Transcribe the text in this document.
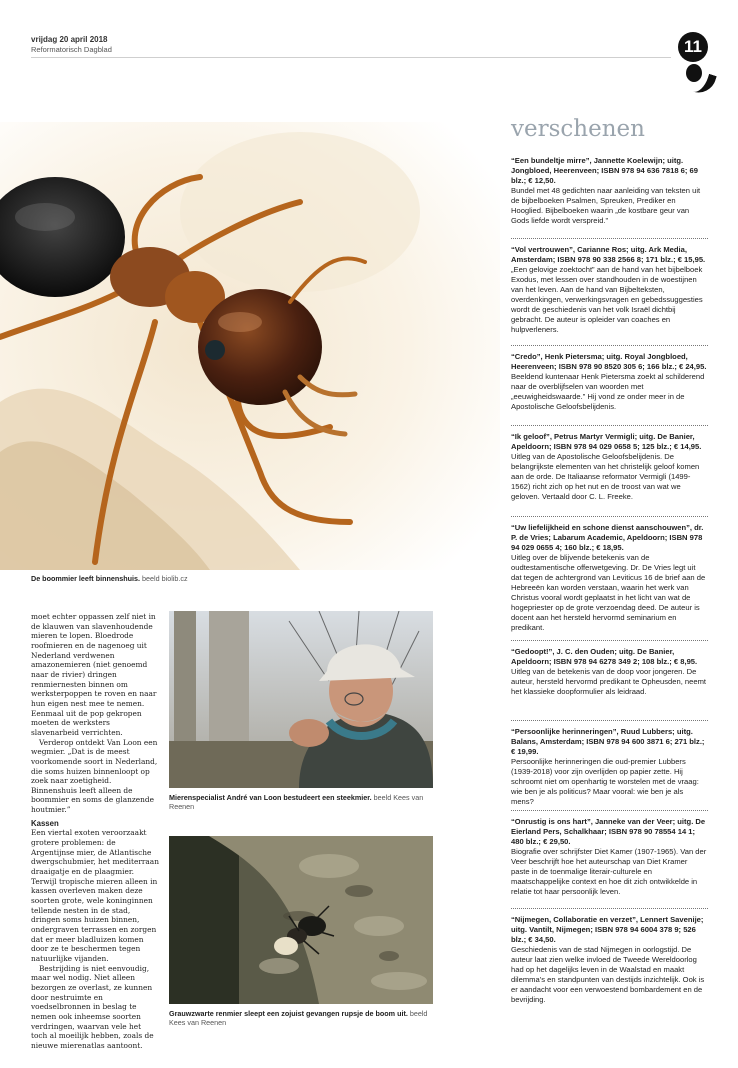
vrijdag 20 april 2018
Reformatorisch Dagblad	11
De boommier leeft binnenshuis. beeld biolib.cz
verschenen
“Een bundeltje mirre”, Jannette Koelewijn; uitg. Jongbloed, Heerenveen; ISBN 978 94 636 7818 6; 69 blz.; € 12,50.
Bundel met 48 gedichten naar aanleiding van teksten uit de bijbelboeken Psalmen, Spreuken, Prediker en Hooglied. Bijbelboeken waarin „de kostbare geur van Gods liefde wordt verspreid.”
“Vol vertrouwen”, Carianne Ros; uitg. Ark Media, Amsterdam; ISBN 978 90 338 2566 8; 171 blz.; € 15,95.
„Een gelovige zoektocht” aan de hand van het bijbelboek Exodus, met lessen over standhouden in de woestijnen van het leven. Aan de hand van Bijbelteksten, overdenkingen, verwerkingsvragen en gebedssuggesties wordt de geschiedenis van het volk Israël dichtbij gebracht. De auteur is opleider van coaches en hulpverleners.
“Credo”, Henk Pietersma; uitg. Royal Jongbloed, Heerenveen; ISBN 978 90 8520 305 6; 166 blz.; € 24,95.
Beeldend kuntenaar Henk Pietersma zoekt al schilderend naar de overblijfselen van woorden met „eeuwigheidswaarde.” Hij vond ze onder meer in de Apostolische Geloofsbelijdenis.
“Ik geloof”, Petrus Martyr Vermigli; uitg. De Banier, Apeldoorn; ISBN 978 94 029 0658 5; 125 blz.; € 14,95.
Uitleg van de Apostolische Geloofsbelijdenis. De belangrijkste elementen van het christelijk geloof komen aan de orde. De Italiaanse reformator Vermigli (1499-1562) richt zich op het nut en de troost van wat we geloven. Vertaald door C. L. Freeke.
“Uw liefelijkheid en schone dienst aanschouwen”, dr. P. de Vries; Labarum Academic, Apeldoorn; ISBN 978 94 029 0655 4; 160 blz.; € 18,95.
Uitleg over de blijvende betekenis van de oudtestamentische offerwetgeving. Dr. De Vries legt uit dat tegen de achtergrond van Leviticus 16 de brief aan de Hebreeën kan worden verstaan, waarin het werk van Christus vooral wordt geplaatst in het licht van wat de hogepriester op de grote verzoendag deed. De auteur is docent aan het hersteld hervormd seminarium en predikant.
“Gedoopt!”, J. C. den Ouden; uitg. De Banier, Apeldoorn; ISBN 978 94 6278 349 2; 108 blz.; € 8,95.
Uitleg van de betekenis van de doop voor jongeren. De auteur, hersteld hervormd predikant te Opheusden, neemt het klassieke doopformulier als leidraad.
“Persoonlijke herinneringen”, Ruud Lubbers; uitg. Balans, Amsterdam; ISBN 978 94 600 3871 6; 271 blz.; € 19,99.
Persoonlijke herinneringen die oud-premier Lubbers (1939-2018) voor zijn overlijden op papier zette. Hij schroomt niet om openhartig te worstelen met de vraag: wie ben je als politicus? Maar vooral: wie ben je als mens?
“Onrustig is ons hart”, Janneke van der Veer; uitg. De Eierland Pers, Schalkhaar; ISBN 978 90 78554 14 1; 480 blz.; € 29,50.
Biografie over schrijfster Diet Kamer (1907-1965). Van der Veer beschrijft hoe het auteurschap van Diet Kramer paste in de toenmalige literair-culturele en maatschappelijke context en hoe dit zich ontwikkelde in relatie tot haar persoonlijk leven.
“Nijmegen, Collaboratie en verzet”, Lennert Savenije; uitg. Vantilt, Nijmegen; ISBN 978 94 6004 378 9; 526 blz.; € 34,50.
Geschiedenis van de stad Nijmegen in oorlogstijd. De auteur laat zien welke invloed de Tweede Wereldoorlog had op het dagelijks leven in de Waalstad en maakt dilemma’s en standpunten van destijds inzichtelijk. Ook is er aandacht voor een verwoestend bombardement en de bevrijding.

moet echter oppassen zelf niet in de klauwen van slavenhoudende mieren te lopen. Bloedrode roofmieren en de nagenoeg uit Nederland verdwenen amazonemieren (niet genoemd naar de rivier) dringen renmiernesten binnen om werksterpoppen te roven en naar hun eigen nest mee te nemen. Eenmaal uit de pop gekropen moeten de werksters slavenarbeid verrichten.

Verderop ontdekt Van Loon een wegmier. „Dat is de meest voorkomende soort in Nederland, die soms huizen binnenloopt op zoek naar zoetigheid. Binnenshuis leeft alleen de boommier en soms de glanzende houtmier.”

Kassen

Een viertal exoten veroorzaakt grotere problemen: de Argentijnse mier, de Atlantische dwergschubmier, het mediterraan draaigatje en de plaagmier. Terwijl tropische mieren alleen in kassen overleven maken deze soorten grote, wele koninginnen tellende nesten in de stad, dringen soms huizen binnen, ondergraven terrassen en zorgen dat er meer bladluizen komen door ze te beschermen tegen natuurlijke vijanden.

Bestrijding is niet eenvoudig, maar wel nodig. Niet alleen bezorgen ze overlast, ze kunnen door nestruimte en voedselbronnen in beslag te nemen ook inheemse soorten verdringen, waarvan vele het toch al moeilijk hebben, zoals de nieuwe mierenatlas aantoont.

Mierenspecialist André van Loon bestudeert een steekmier. beeld Kees van Reenen
Grauwzwarte renmier sleept een zojuist gevangen rupsje de boom uit. beeld Kees van Reenen
